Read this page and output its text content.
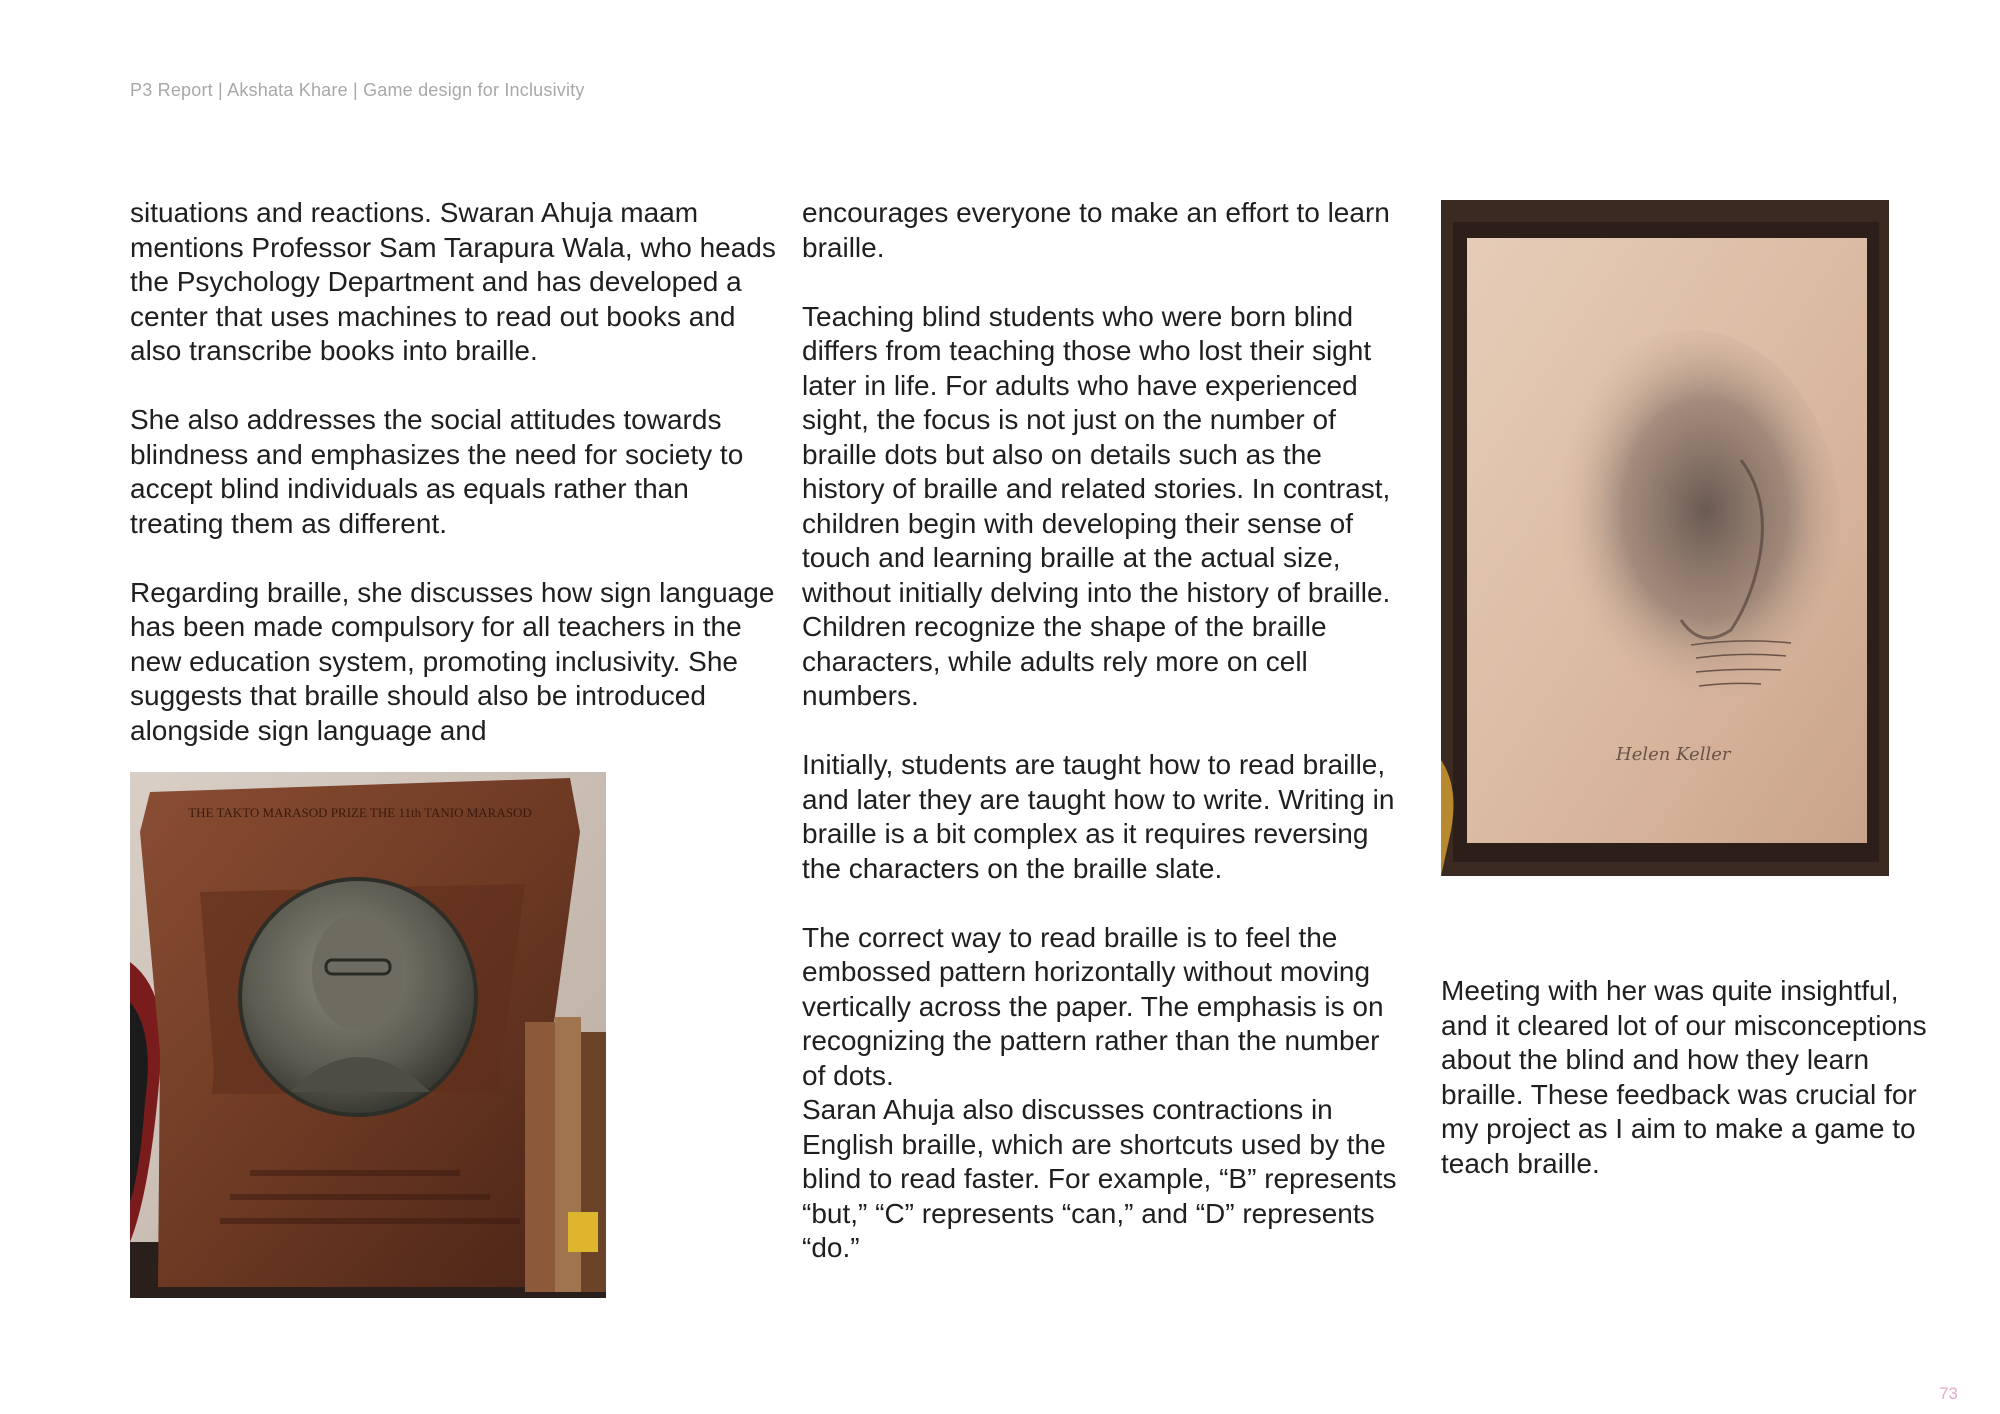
P3 Report | Akshata Khare | Game design for Inclusivity

situations and reactions. Swaran Ahuja maam mentions Professor Sam Tarapura Wala, who heads the Psychology Department and has developed a center that uses machines to read out books and also transcribe books into braille.

She also addresses the social attitudes towards blindness and emphasizes the need for society to accept blind individuals as equals rather than treating them as different.

Regarding braille, she discusses how sign language has been made compulsory for all teachers in the new education system, promoting inclusivity. She suggests that braille should also be introduced alongside sign language and

THE TAKTO MARASOD PRIZE THE 11th TANIO MARASOD

encourages everyone to make an effort to learn braille.

Teaching blind students who were born blind differs from teaching those who lost their sight later in life. For adults who have experienced sight, the focus is not just on the number of braille dots but also on details such as the history of braille and related stories. In contrast, children begin with developing their sense of touch and learning braille at the actual size, without initially delving into the history of braille. Children recognize the shape of the braille characters, while adults rely more on cell numbers.

Initially, students are taught how to read braille, and later they are taught how to write. Writing in braille is a bit complex as it requires reversing the characters on the braille slate.

The correct way to read braille is to feel the embossed pattern horizontally without moving vertically across the paper. The emphasis is on recognizing the pattern rather than the number of dots.

Saran Ahuja also discusses contractions in English braille, which are shortcuts used by the blind to read faster. For example, “B” represents “but,” “C” represents “can,” and “D” represents “do.”

Helen Keller

Meeting with her was quite insightful, and it cleared lot of our misconceptions about the blind and how they learn braille. These feedback was crucial for my project as I aim to make a game to teach braille.

73
